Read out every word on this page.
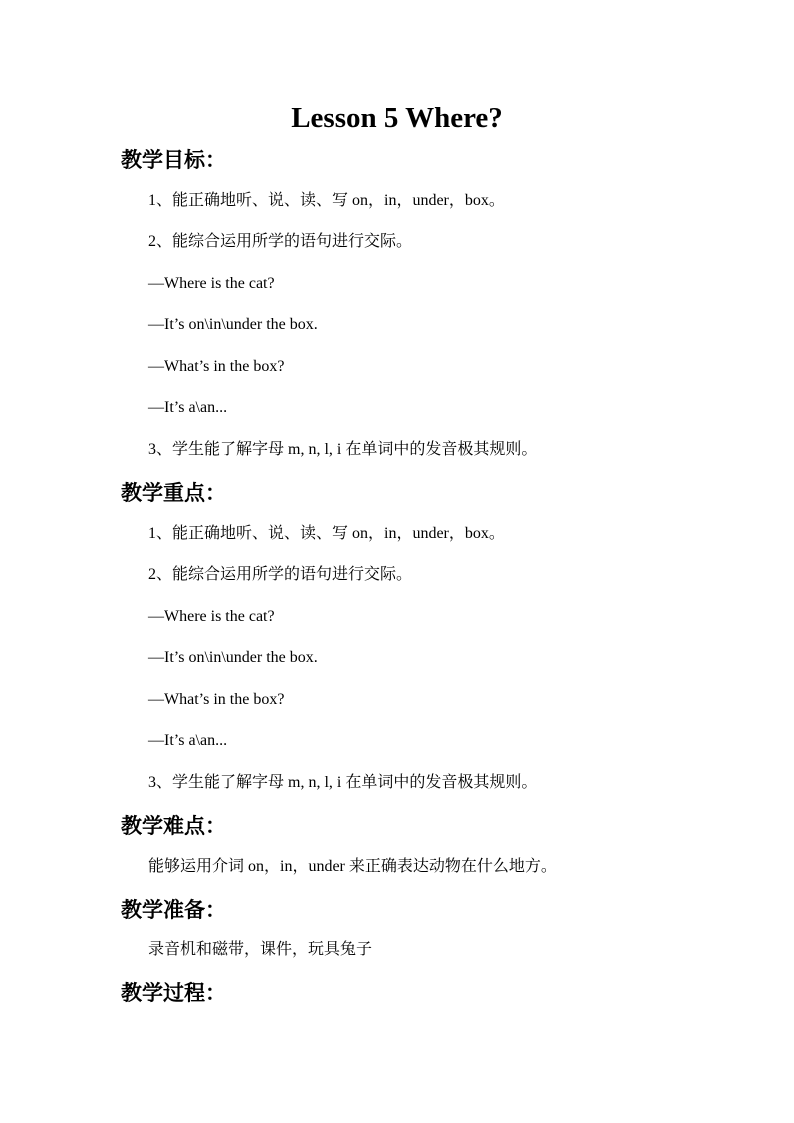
Lesson 5 Where?
教学目标：

1、能正确地听、说、读、写 on，in，under，box。

2、能综合运用所学的语句进行交际。

—Where is the cat?

—It’s on\in\under the box.

—What’s in the box?

—It’s a\an...

3、学生能了解字母 m, n, l, i 在单词中的发音极其规则。

教学重点：

1、能正确地听、说、读、写 on，in，under，box。

2、能综合运用所学的语句进行交际。

—Where is the cat?

—It’s on\in\under the box.

—What’s in the box?

—It’s a\an...

3、学生能了解字母 m, n, l, i 在单词中的发音极其规则。

教学难点：

能够运用介词 on，in，under 来正确表达动物在什么地方。

教学准备：

录音机和磁带，课件，玩具兔子

教学过程：
